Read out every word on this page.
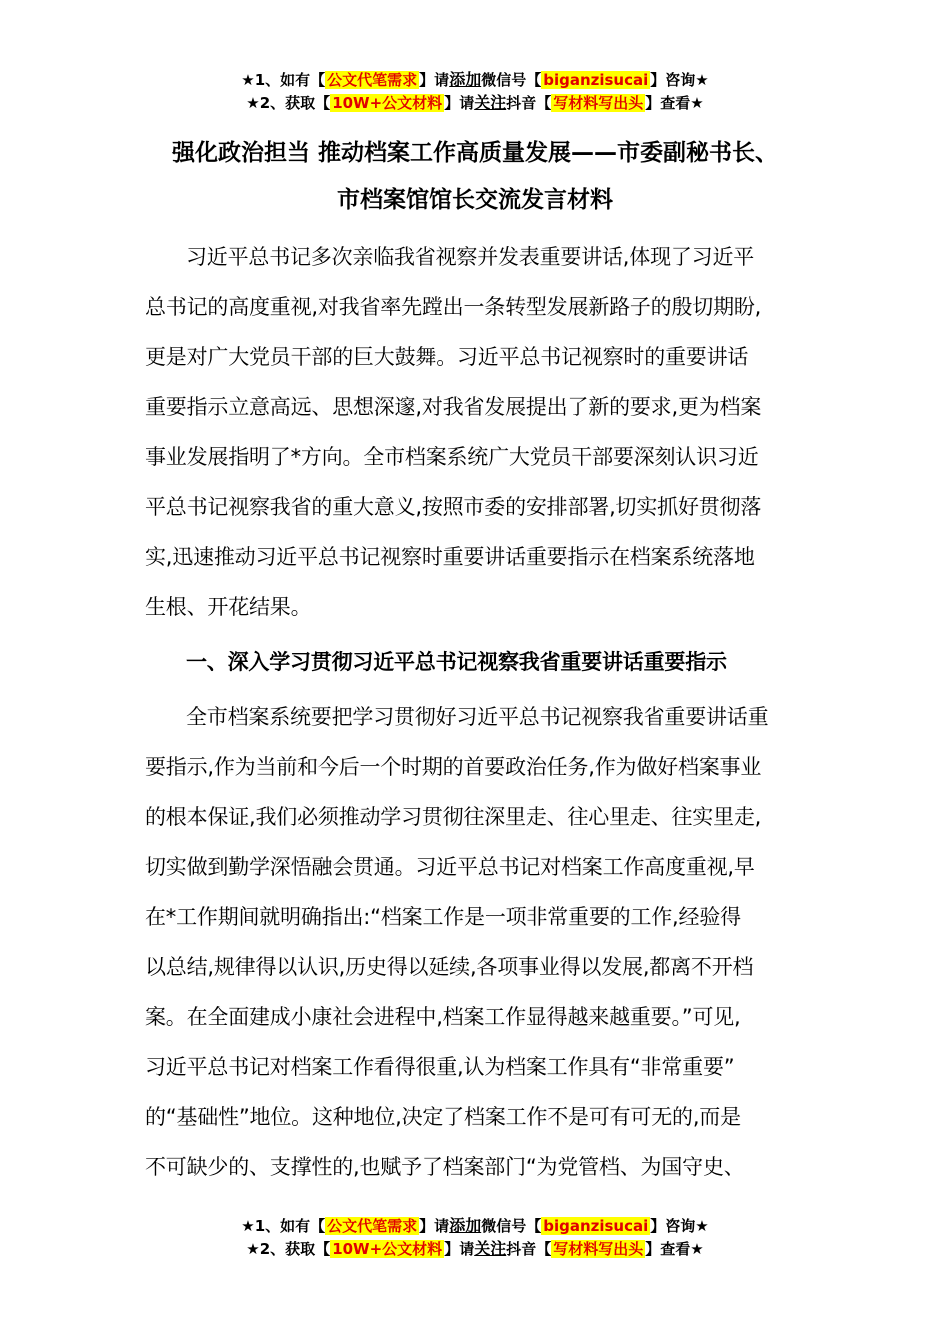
★1、如有【 公文代笔需求 】请添加微信号【 biganzisucai 】咨询★
★2、获取【 10W+公文材料 】请关注抖音【 写材料写出头 】查看★
强化政治担当 推动档案工作高质量发展——市委副秘书长、
市档案馆馆长交流发言材料
习近平总书记多次亲临我省视察并发表重要讲话,体现了习近平
总书记的高度重视,对我省率先蹚出一条转型发展新路子的殷切期盼,
更是对广大党员干部的巨大鼓舞。习近平总书记视察时的重要讲话
重要指示立意高远、思想深邃,对我省发展提出了新的要求,更为档案
事业发展指明了*方向。全市档案系统广大党员干部要深刻认识习近
平总书记视察我省的重大意义,按照市委的安排部署,切实抓好贯彻落
实,迅速推动习近平总书记视察时重要讲话重要指示在档案系统落地
生根、开花结果。
一、深入学习贯彻习近平总书记视察我省重要讲话重要指示
全市档案系统要把学习贯彻好习近平总书记视察我省重要讲话重
要指示,作为当前和今后一个时期的首要政治任务,作为做好档案事业
的根本保证,我们必须推动学习贯彻往深里走、往心里走、往实里走,
切实做到勤学深悟融会贯通。习近平总书记对档案工作高度重视,早
在*工作期间就明确指出:“档案工作是一项非常重要的工作,经验得
以总结,规律得以认识,历史得以延续,各项事业得以发展,都离不开档
案。在全面建成小康社会进程中,档案工作显得越来越重要。”可见,
习近平总书记对档案工作看得很重,认为档案工作具有“非常重要”
的“基础性”地位。这种地位,决定了档案工作不是可有可无的,而是
不可缺少的、支撑性的,也赋予了档案部门“为党管档、为国守史、
★1、如有【 公文代笔需求 】请添加微信号【 biganzisucai 】咨询★
★2、获取【 10W+公文材料 】请关注抖音【 写材料写出头 】查看★
